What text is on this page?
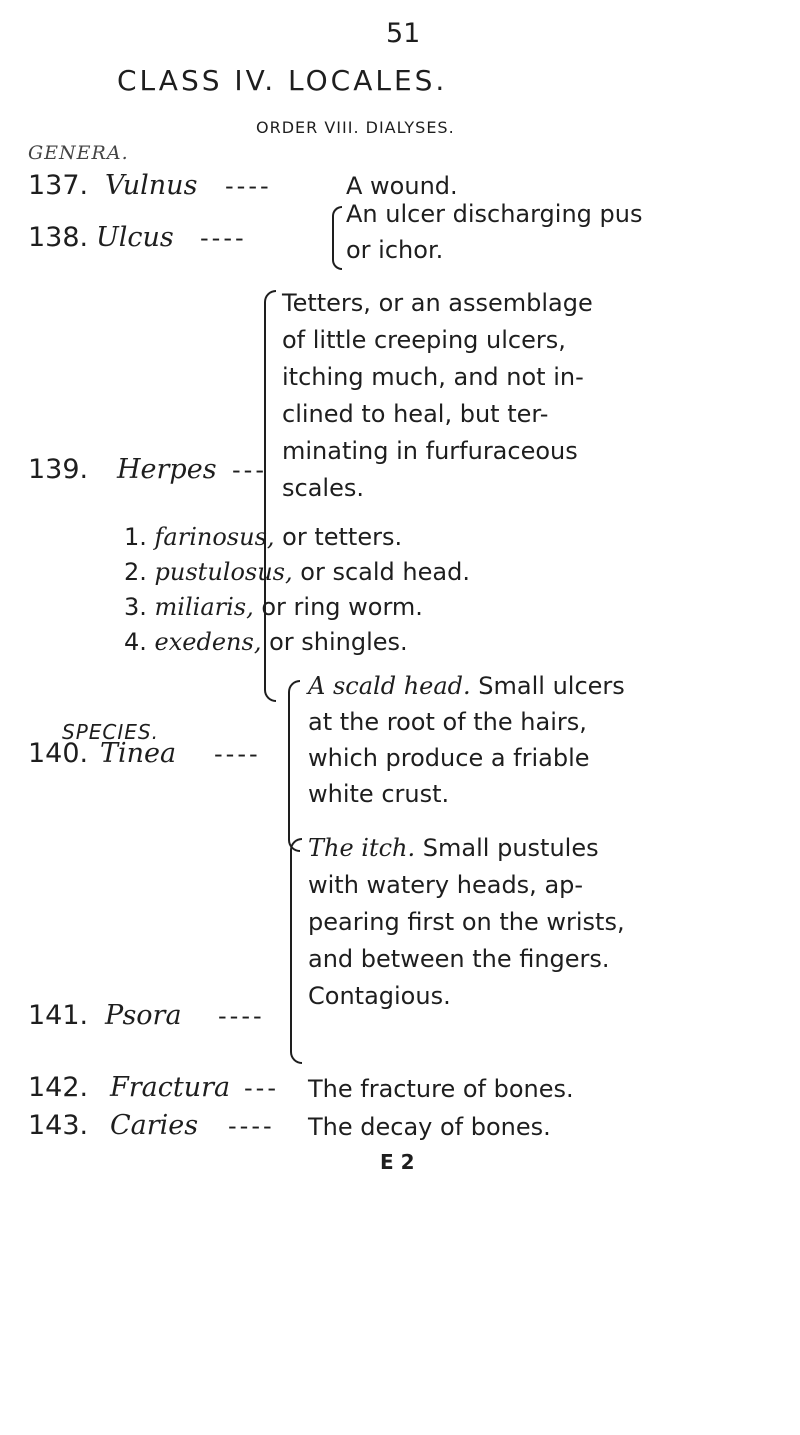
51
CLASS IV. LOCALES.
ORDER VIII. DIALYSES.
GENERA.
137. Vulnus ----	A wound.
138. Ulcus ----
An ulcer discharging pus
or ichor.
139. Herpes ---
Tetters, or an assemblage
of little creeping ulcers,
itching much, and not in-
clined to heal, but ter-
minating in furfuraceous
scales.
SPECIES.
1. farinosus, or tetters.
2. pustulosus, or scald head.
3. miliaris, or ring worm.
4. exedens, or shingles.
140. Tinea ----
A scald head. Small ulcers
at the root of the hairs,
which produce a friable
white crust.
141. Psora ----
The itch. Small pustules
with watery heads, ap-
pearing first on the wrists,
and between the fingers.
Contagious.
142. Fractura --- The fracture of bones.
143. Caries ---- The decay of bones.
E 2
